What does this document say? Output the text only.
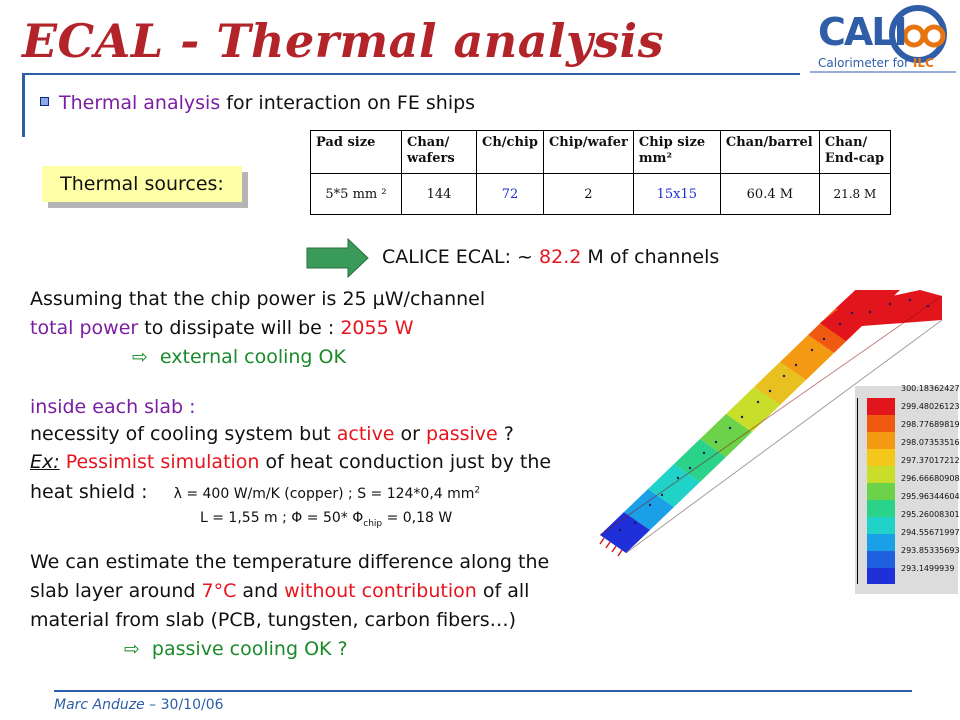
ECAL - Thermal analysis	CALI
Calorimeter for ILC
Thermal analysis for interaction on FE ships
Thermal sources:
Pad size	Chan/ wafers	Ch/chip	Chip/wafer	Chip size mm²	Chan/barrel	Chan/ End-cap
5*5 mm ²	144	72	2	15x15	60.4 M	21.8 M
CALICE ECAL: ~ 82.2 M of channels
Assuming that the chip power is 25 µW/channel
total power to dissipate will be : 2055 W
⇨ external cooling OK
inside each slab :
necessity of cooling system but active or passive ?
Ex: Pessimist simulation of heat conduction just by the
heat shield : λ = 400 W/m/K (copper) ; S = 124*0,4 $mm^2$
L = 1,55 m ; Φ = 50* $\Phi_{chip} = 0,18$ W
We can estimate the temperature difference along the
slab layer around 7°C and without contribution of all
material from slab (PCB, tungsten, carbon fibers…)
⇨ passive cooling OK ?
300.18362427
299.48026123
298.77689819
298.07353516
297.37017212
296.66680908
295.96344604
295.26008301
294.55671997
293.85335693
293.1499939
Marc Anduze – 30/10/06
